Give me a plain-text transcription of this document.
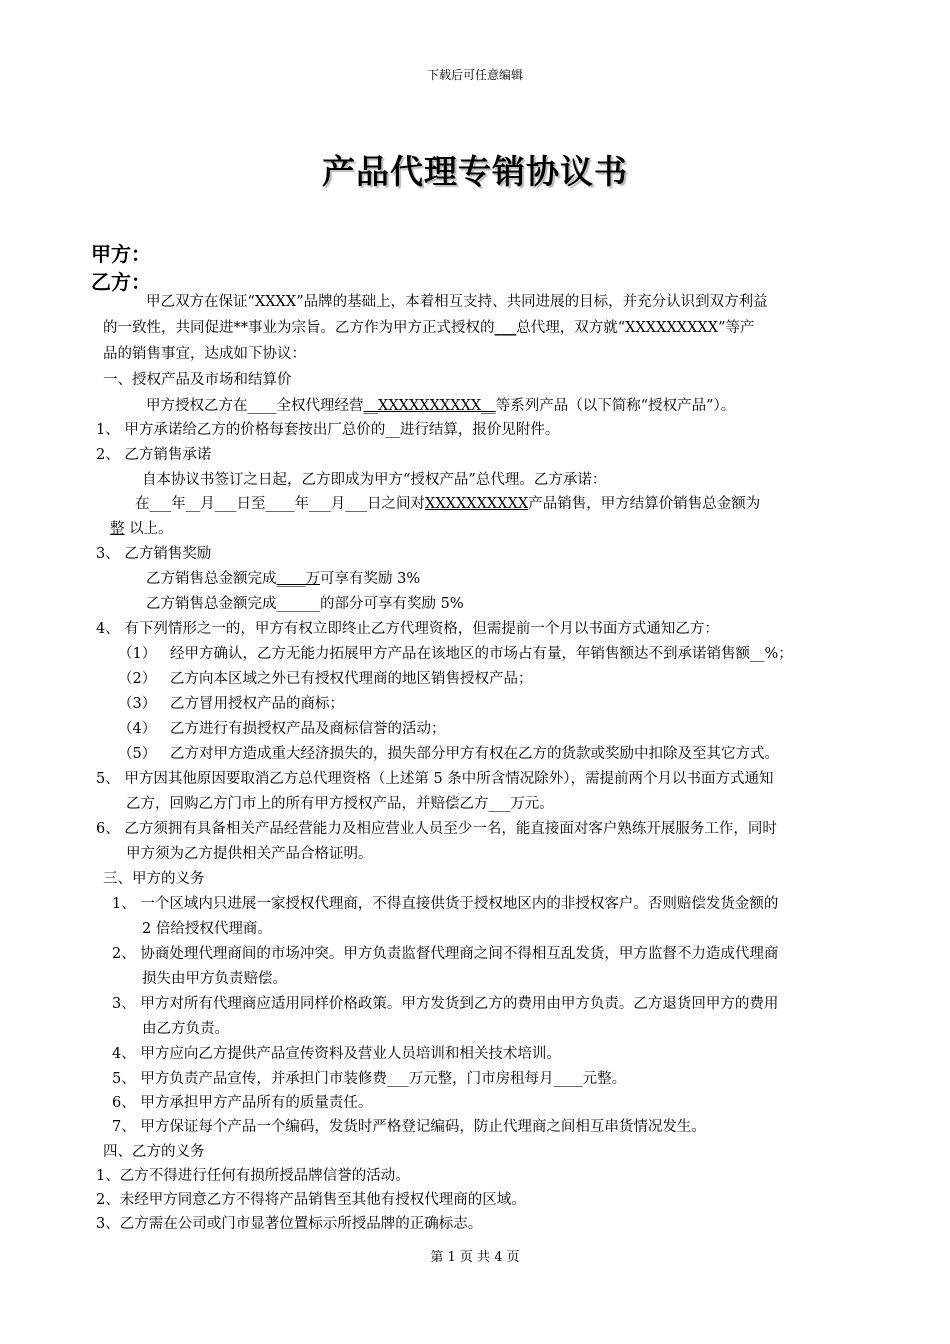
下载后可任意编辑
产品代理专销协议书
甲方：
乙方：
甲乙双方在保证“XXXX”品牌的基础上，本着相互支持、共同进展的目标，并充分认识到双方利益
的一致性，共同促进**事业为宗旨。乙方作为甲方正式授权的___总代理，双方就“XXXXXXXXX”等产
品的销售事宜，达成如下协议：
一、授权产品及市场和结算价
甲方授权乙方在____全权代理经营__XXXXXXXXXX__等系列产品（以下简称“授权产品”）。
1、 甲方承诺给乙方的价格每套按出厂总价的__进行结算，报价见附件。
2、 乙方销售承诺
自本协议书签订之日起，乙方即成为甲方“授权产品”总代理。乙方承诺：
在___年__月___日至____年___月___日之间对XXXXXXXXXX产品销售，甲方结算价销售总金额为
整 以上。
3、 乙方销售奖励
乙方销售总金额完成____万可享有奖励 3%
乙方销售总金额完成______的部分可享有奖励 5%
4、 有下列情形之一的，甲方有权立即终止乙方代理资格，但需提前一个月以书面方式通知乙方：
（1） 经甲方确认，乙方无能力拓展甲方产品在该地区的市场占有量，年销售额达不到承诺销售额__%；
（2） 乙方向本区域之外已有授权代理商的地区销售授权产品；
（3） 乙方冒用授权产品的商标；
（4） 乙方进行有损授权产品及商标信誉的活动；
（5） 乙方对甲方造成重大经济损失的，损失部分甲方有权在乙方的货款或奖励中扣除及至其它方式。
5、 甲方因其他原因要取消乙方总代理资格（上述第 5 条中所含情况除外），需提前两个月以书面方式通知
乙方，回购乙方门市上的所有甲方授权产品，并赔偿乙方___万元。
6、 乙方须拥有具备相关产品经营能力及相应营业人员至少一名，能直接面对客户熟练开展服务工作，同时
甲方须为乙方提供相关产品合格证明。
三、甲方的义务
1、 一个区域内只进展一家授权代理商，不得直接供货于授权地区内的非授权客户。否则赔偿发货金额的
2 倍给授权代理商。
2、 协商处理代理商间的市场冲突。甲方负责监督代理商之间不得相互乱发货，甲方监督不力造成代理商
损失由甲方负责赔偿。
3、 甲方对所有代理商应适用同样价格政策。甲方发货到乙方的费用由甲方负责。乙方退货回甲方的费用
由乙方负责。
4、 甲方应向乙方提供产品宣传资料及营业人员培训和相关技术培训。
5、 甲方负责产品宣传，并承担门市装修费___万元整，门市房租每月____元整。
6、 甲方承担甲方产品所有的质量责任。
7、 甲方保证每个产品一个编码，发货时严格登记编码，防止代理商之间相互串货情况发生。
四、乙方的义务
1、乙方不得进行任何有损所授品牌信誉的活动。
2、未经甲方同意乙方不得将产品销售至其他有授权代理商的区域。
3、乙方需在公司或门市显著位置标示所授品牌的正确标志。
第 1 页 共 4 页
